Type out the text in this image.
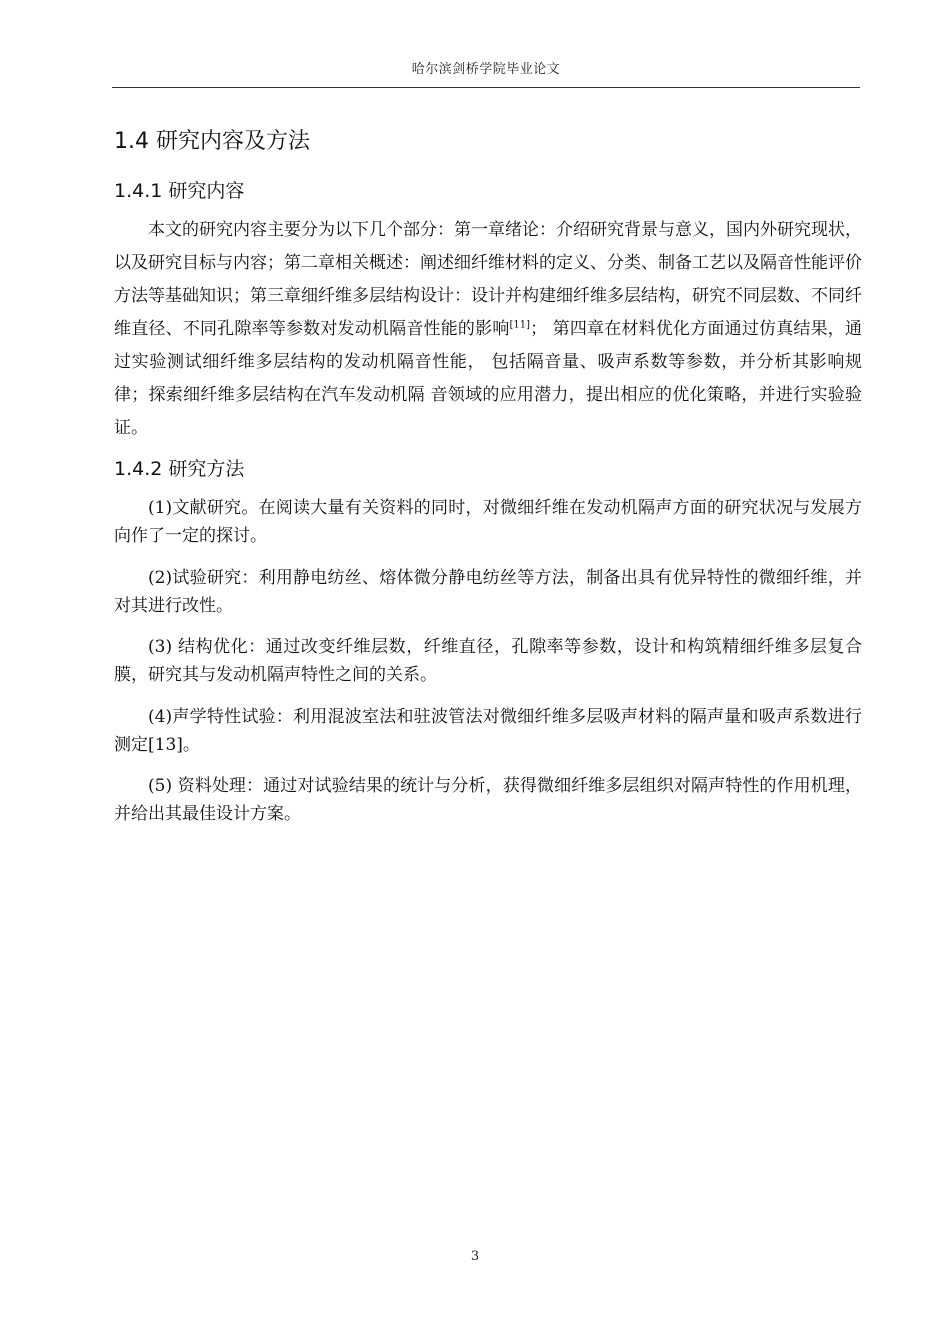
哈尔滨剑桥学院毕业论文
1.4 研究内容及方法
1.4.1 研究内容

本文的研究内容主要分为以下几个部分：第一章绪论：介绍研究背景与意义，国内外研究现状，以及研究目标与内容；第二章相关概述：阐述细纤维材料的定义、分类、制备工艺以及隔音性能评价方法等基础知识；第三章细纤维多层结构设计：设计并构建细纤维多层结构，研究不同层数、不同纤维直径、不同孔隙率等参数对发动机隔音性能的影响[11]； 第四章在材料优化方面通过仿真结果，通过实验测试细纤维多层结构的发动机隔音性能， 包括隔音量、吸声系数等参数，并分析其影响规律；探索细纤维多层结构在汽车发动机隔 音领域的应用潜力，提出相应的优化策略，并进行实验验证。

1.4.2 研究方法

(1)文献研究。在阅读大量有关资料的同时，对微细纤维在发动机隔声方面的研究状况与发展方向作了一定的探讨。

(2)试验研究：利用静电纺丝、熔体微分静电纺丝等方法，制备出具有优异特性的微细纤维，并对其进行改性。

(3) 结构优化：通过改变纤维层数，纤维直径，孔隙率等参数，设计和构筑精细纤维多层复合膜，研究其与发动机隔声特性之间的关系。

(4)声学特性试验：利用混波室法和驻波管法对微细纤维多层吸声材料的隔声量和吸声系数进行测定[13]。

(5) 资料处理：通过对试验结果的统计与分析，获得微细纤维多层组织对隔声特性的作用机理，并给出其最佳设计方案。

3
